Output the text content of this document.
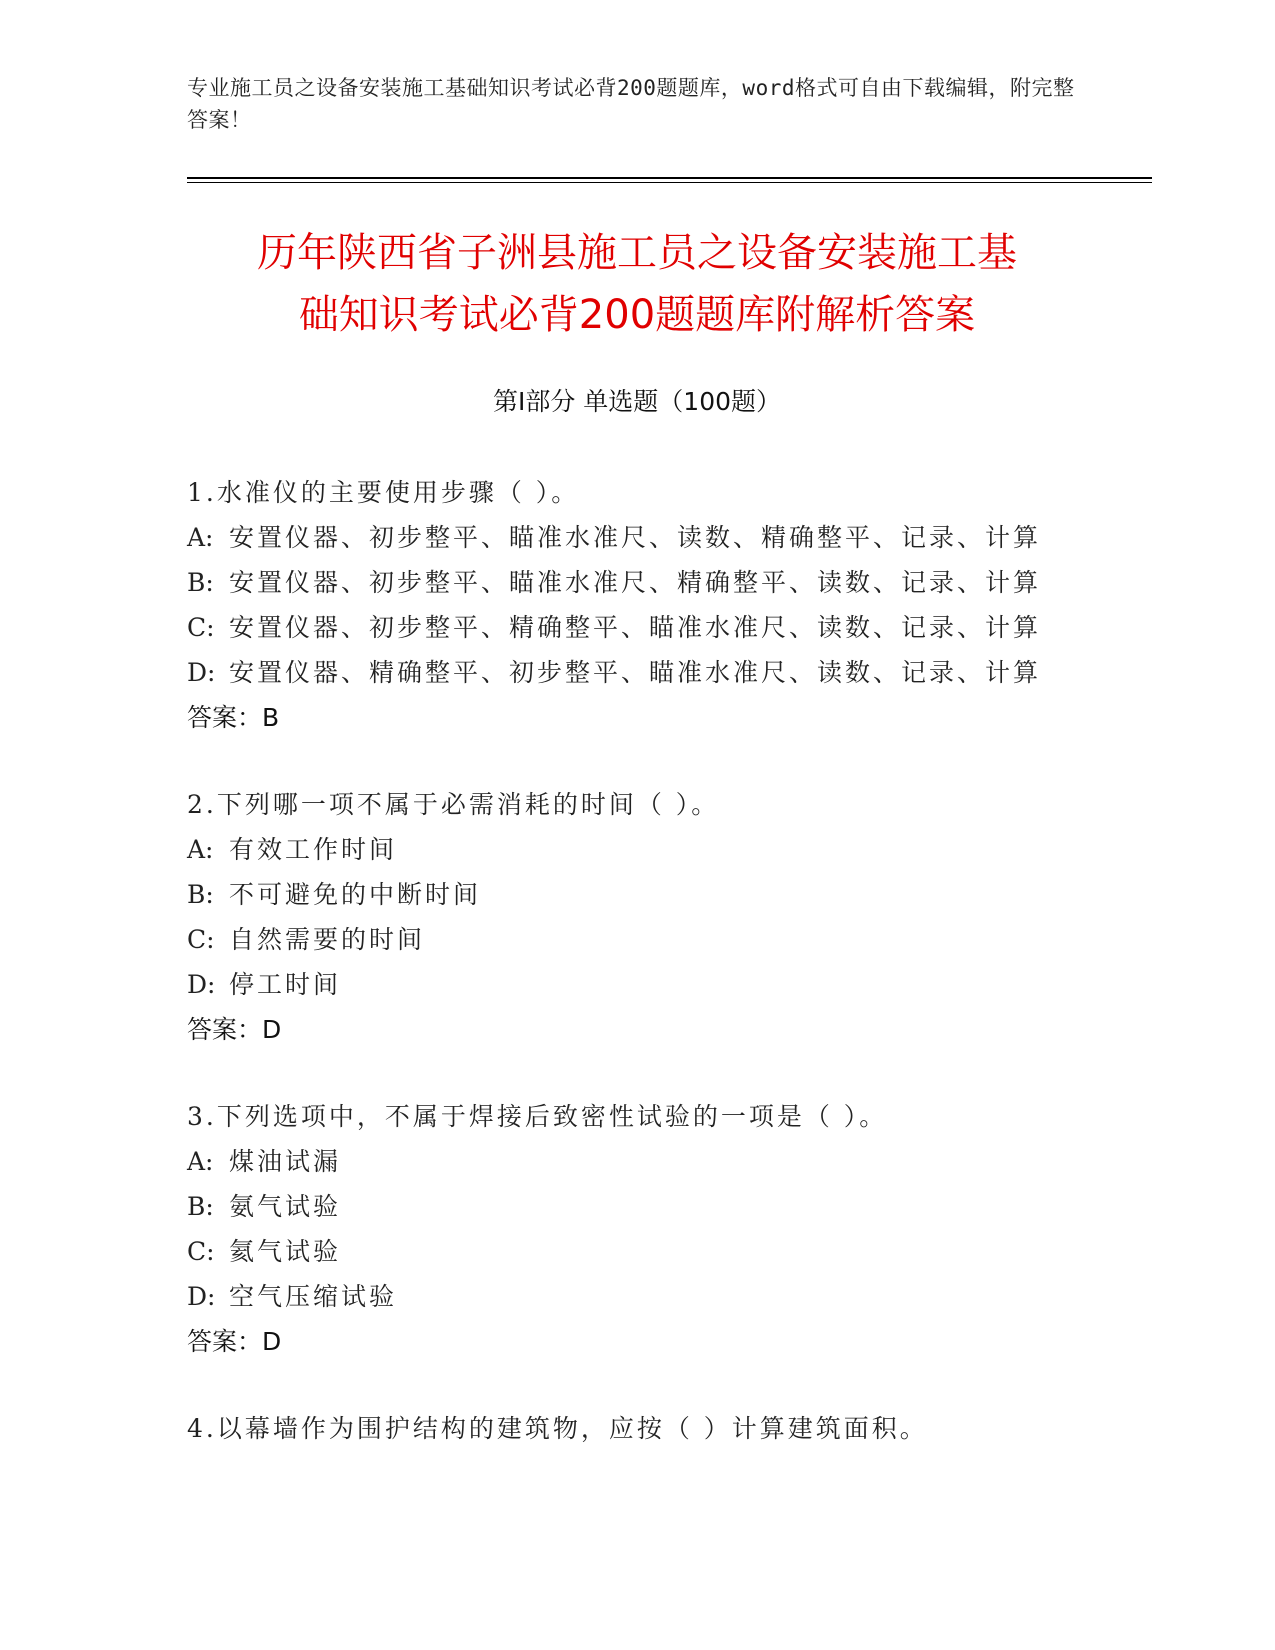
专业施工员之设备安装施工基础知识考试必背200题题库，word格式可自由下载编辑，附完整答案！
历年陕西省子洲县施工员之设备安装施工基
础知识考试必背200题题库附解析答案
第Ⅰ部分 单选题（100题）
1.水准仪的主要使用步骤（ ）。
A: 安置仪器、初步整平、瞄准水准尺、读数、精确整平、记录、计算
B: 安置仪器、初步整平、瞄准水准尺、精确整平、读数、记录、计算
C: 安置仪器、初步整平、精确整平、瞄准水准尺、读数、记录、计算
D: 安置仪器、精确整平、初步整平、瞄准水准尺、读数、记录、计算
答案：B
2.下列哪一项不属于必需消耗的时间（ ）。
A: 有效工作时间
B: 不可避免的中断时间
C: 自然需要的时间
D: 停工时间
答案：D
3.下列选项中，不属于焊接后致密性试验的一项是（ ）。
A: 煤油试漏
B: 氨气试验
C: 氦气试验
D: 空气压缩试验
答案：D
4.以幕墙作为围护结构的建筑物，应按（ ）计算建筑面积。
